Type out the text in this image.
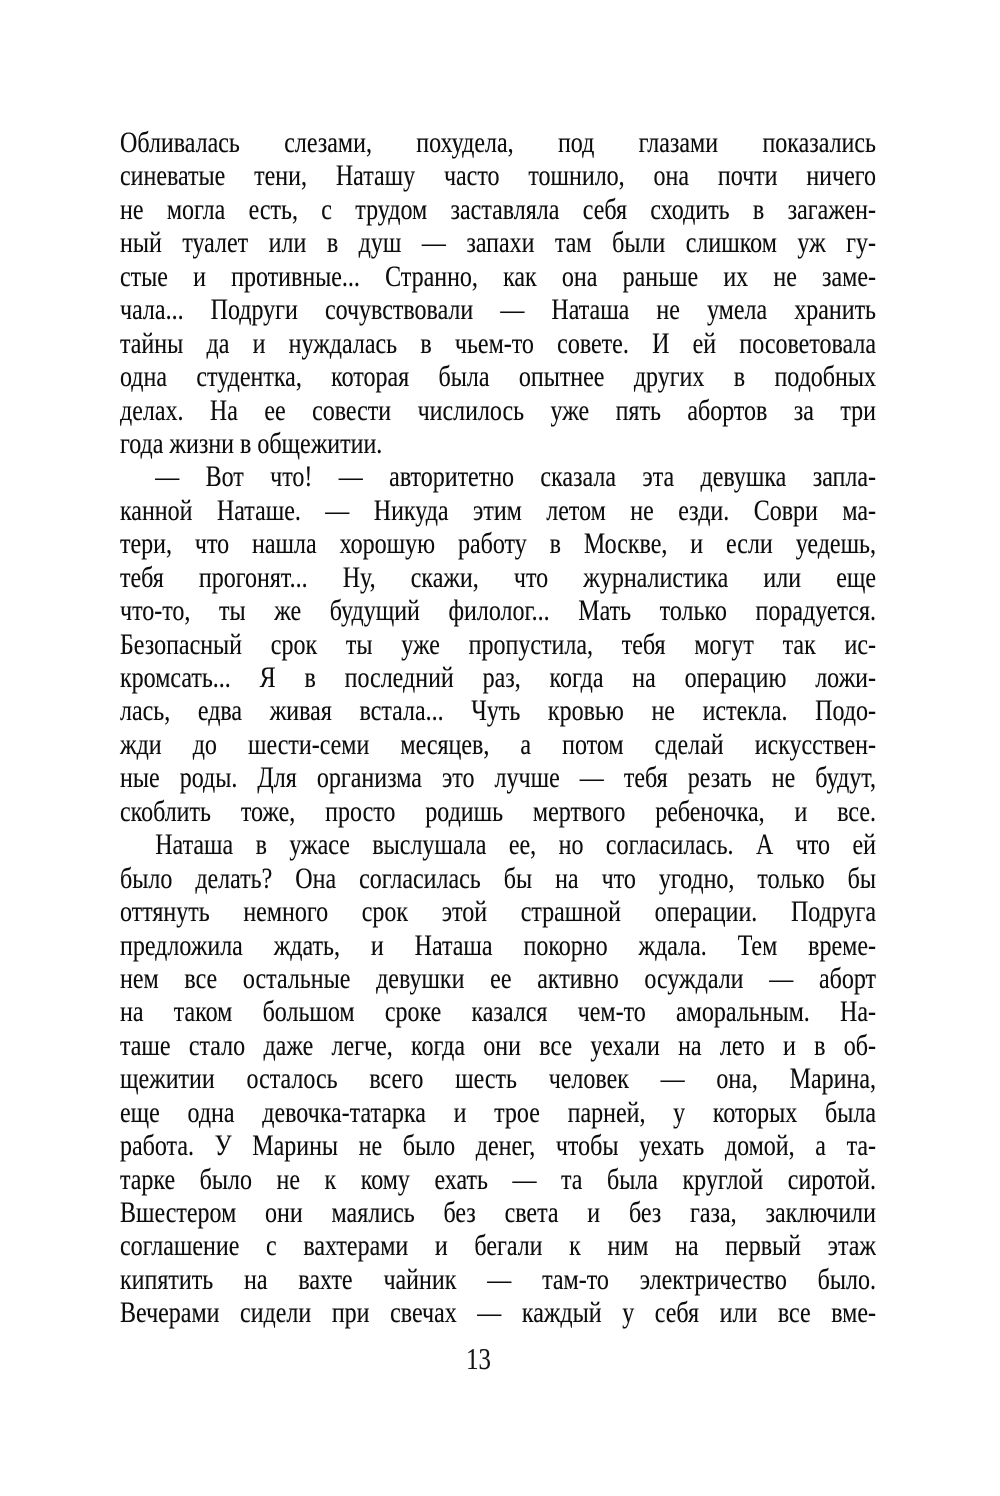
Обливалась слезами, похудела, под глазами показались
синеватые тени, Наташу часто тошнило, она почти ничего
не могла есть, с трудом заставляла себя сходить в загажен-
ный туалет или в душ — запахи там были слишком уж гу-
стые и противные... Странно, как она раньше их не заме-
чала... Подруги сочувствовали — Наташа не умела хранить
тайны да и нуждалась в чьем-то совете. И ей посоветовала
одна студентка, которая была опытнее других в подобных
делах. На ее совести числилось уже пять абортов за три
года жизни в общежитии.
— Вот что! — авторитетно сказала эта девушка запла-
канной Наташе. — Никуда этим летом не езди. Соври ма-
тери, что нашла хорошую работу в Москве, и если уедешь,
тебя прогонят... Ну, скажи, что журналистика или еще
что-то, ты же будущий филолог... Мать только порадуется.
Безопасный срок ты уже пропустила, тебя могут так ис-
кромсать... Я в последний раз, когда на операцию ложи-
лась, едва живая встала... Чуть кровью не истекла. Подо-
жди до шести-семи месяцев, а потом сделай искусствен-
ные роды. Для организма это лучше — тебя резать не будут,
скоблить тоже, просто родишь мертвого ребеночка, и все.
Наташа в ужасе выслушала ее, но согласилась. А что ей
было делать? Она согласилась бы на что угодно, только бы
оттянуть немного срок этой страшной операции. Подруга
предложила ждать, и Наташа покорно ждала. Тем време-
нем все остальные девушки ее активно осуждали — аборт
на таком большом сроке казался чем-то аморальным. На-
таше стало даже легче, когда они все уехали на лето и в об-
щежитии осталось всего шесть человек — она, Марина,
еще одна девочка-татарка и трое парней, у которых была
работа. У Марины не было денег, чтобы уехать домой, а та-
тарке было не к кому ехать — та была круглой сиротой.
Вшестером они маялись без света и без газа, заключили
соглашение с вахтерами и бегали к ним на первый этаж
кипятить на вахте чайник — там-то электричество было.
Вечерами сидели при свечах — каждый у себя или все вме-
13
